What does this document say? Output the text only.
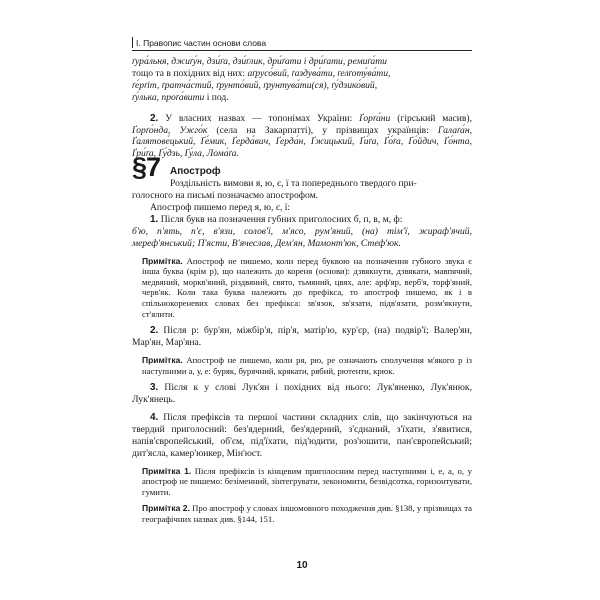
І. Правопис частин основи слова

ґура́льня, джиґу́н, дзи́ґа, дзи́ґлик, дри́ґати і дри́ґати, ремиґа́ти

тощо та в похідних від них: аґрусо́вий, ґаздува́ти, ґелґоту́ва́ти,

ґе́рґіт, ґратча́стий, ґрунто́вий, ґрунтува́ти(ся), ґу́дзико́вий,

ґу́лька, проґа́вити і под.

2. У власних назвах — топонімах України: Ґорґа́ни (гірський масив), Ґорґо́нда, Ужго́к (села на Закарпатті), у прізвищах українців: Галаґа́н, Ґалятове́цький, Ґе́мик, Ґерда́вич, Ґерда́н, Ґжицький, Ґи́ґа, Ґо́ґа, Ґо́йдич, Ґо́нта, Ґри́ґа, Ґу́дзь, Ґу́ла, Лома́ґа.

§7 Апостроф

Роздільність вимови я, ю, є, ї та попереднього твердого при-

голосного на письмі позначаємо апострофом.

Апостроф пишемо перед я, ю, є, ї:

1. Після букв на позначення губних приголосних б, п, в, м, ф:

б'ю, п'ять, п'є, в'язи, солов'ї, м'ясо, рум'яний, (на) тім'ї, жираф'ячий, мереф'янський; П'ясти, В'ячеслав, Дем'ян, Мамонт'юк, Стеф'юк.

Примітка. Апостроф не пишемо, коли перед буквою на позначення губного звука є інша буква (крім р), що належить до кореня (основи): дзвякнути, дзвякати, мавпячий, медвяний, моркв'яний, різдвяний, свято, тьмяний, цвях, але: арф'яр, верб'я, торф'яний, черв'як. Коли така буква належить до префікса, то апостроф пишемо, як і в спільнокореневих словах без префікса: зв'язок, зв'язати, підв'язати, розм'якнути, ст'ялити.

2. Після р: бур'ян, міжбір'я, пір'я, матір'ю, кур'єр, (на) подвір'ї; Валер'ян, Мар'ян, Мар'яна.

Примітка. Апостроф не пишемо, коли ря, рю, ре означають сполучення м'якого р із наступними а, у, е: буряк, бурячний, крякати, рябий, рютенти, крюк.

3. Після к у слові Лук'ян і похідних від нього: Лук'яненко, Лук'янюк, Лук'янець.

4. Після префіксів та першої частини складних слів, що закінчуються на твердий приголосний: без'ядерний, без'ядерний, з'єднаний, з'їхати, з'явитися, напів'європейський, об'єм, під'їхати, під'юдити, роз'юшити, пан'європейський; дит'ясла, камер'юнкер, Мін'юст.

Примітка 1. Після префіксів із кінцевим приголосним перед наступними і, е, а, о, у апостроф не пишемо: безіменний, зінтегрувати, зекономити, безвідсотка, горизонтувати, гумити.

Примітка 2. Про апостроф у словах іншомовного походження див. §138, у прізвищах та географічних назвах див. §144, 151.

10
